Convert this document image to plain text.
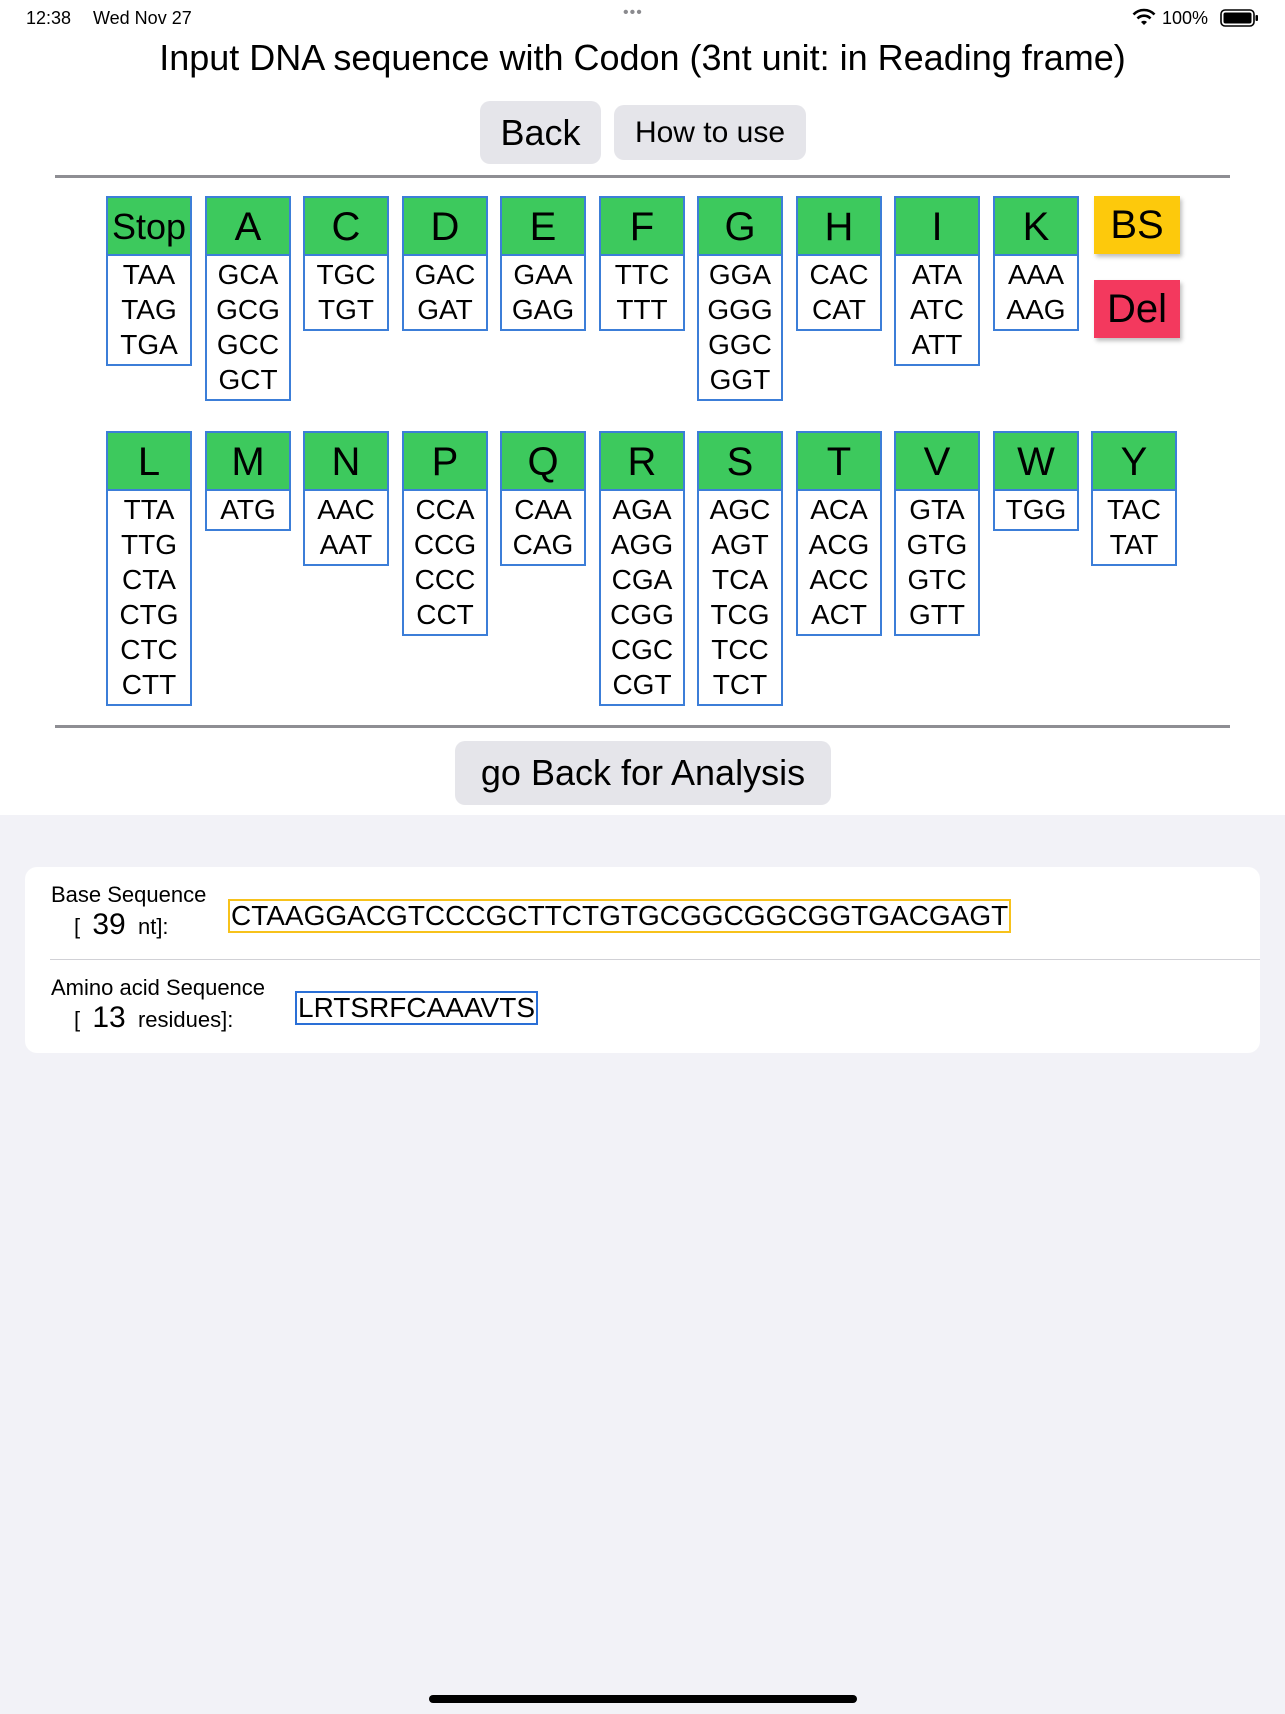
12:38 Wed Nov 27	•••	100%
Input DNA sequence with Codon (3nt unit: in Reading frame)
Back	How to use
Stop
TAA
TAG
TGA
A
GCA
GCG
GCC
GCT
C
TGC
TGT
D
GAC
GAT
E
GAA
GAG
F
TTC
TTT
G
GGA
GGG
GGC
GGT
H
CAC
CAT
I
ATA
ATC
ATT
K
AAA
AAG
L
TTA
TTG
CTA
CTG
CTC
CTT
M
ATG
N
AAC
AAT
P
CCA
CCG
CCC
CCT
Q
CAA
CAG
R
AGA
AGG
CGA
CGG
CGC
CGT
S
AGC
AGT
TCA
TCG
TCC
TCT
T
ACA
ACG
ACC
ACT
V
GTA
GTG
GTC
GTT
W
TGG
Y
TAC
TAT
BS
Del
go Back for Analysis
Base Sequence
[ 39 nt]: CTAAGGACGTCCCGCTTCTGTGCGGCGGCGGTGACGAGT
Amino acid Sequence
[ 13 residues]: LRTSRFCAAAVTS
